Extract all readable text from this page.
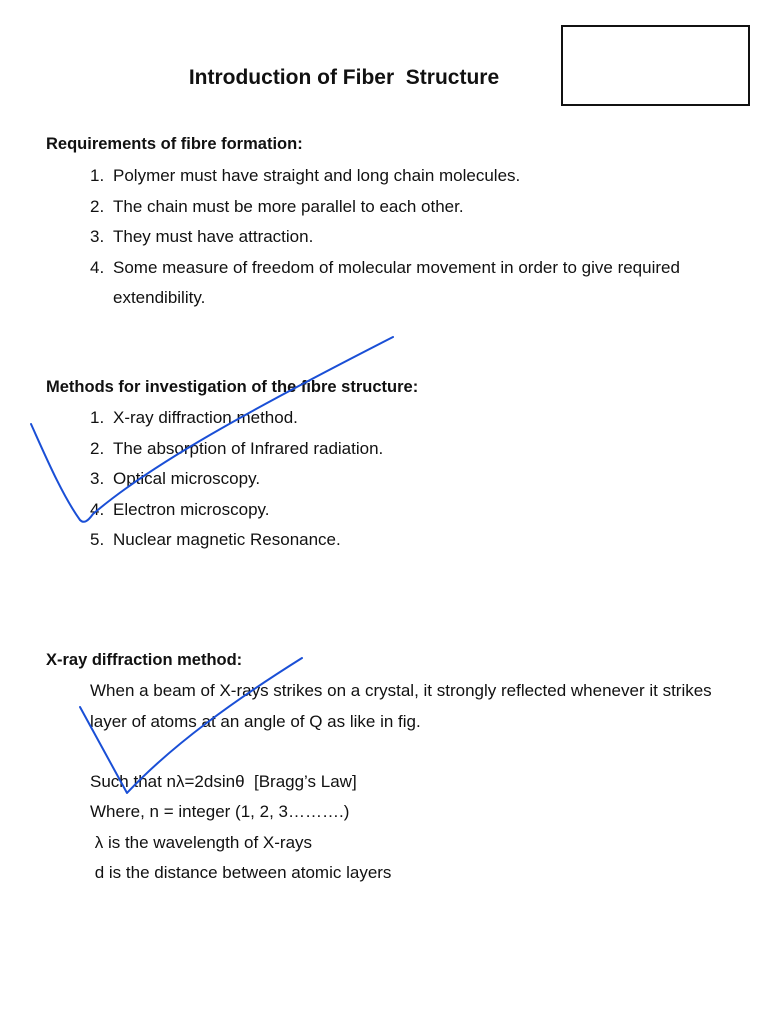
Introduction of Fiber  Structure
Requirements of fibre formation:
1. Polymer must have straight and long chain molecules.
2. The chain must be more parallel to each other.
3. They must have attraction.
4. Some measure of freedom of molecular movement in order to give required extendibility.
Methods for investigation of the fibre structure:
1. X-ray diffraction method.
2. The absorption of Infrared radiation.
3. Optical microscopy.
4. Electron microscopy.
5. Nuclear magnetic Resonance.
X-ray diffraction method:
When a beam of X-rays strikes on a crystal, it strongly reflected whenever it strikes layer of atoms at an angle of Q as like in fig.
Such that nλ=2dsinθ  [Bragg’s Law]
Where, n = integer (1, 2, 3……….)
λ is the wavelength of X-rays
d is the distance between atomic layers
